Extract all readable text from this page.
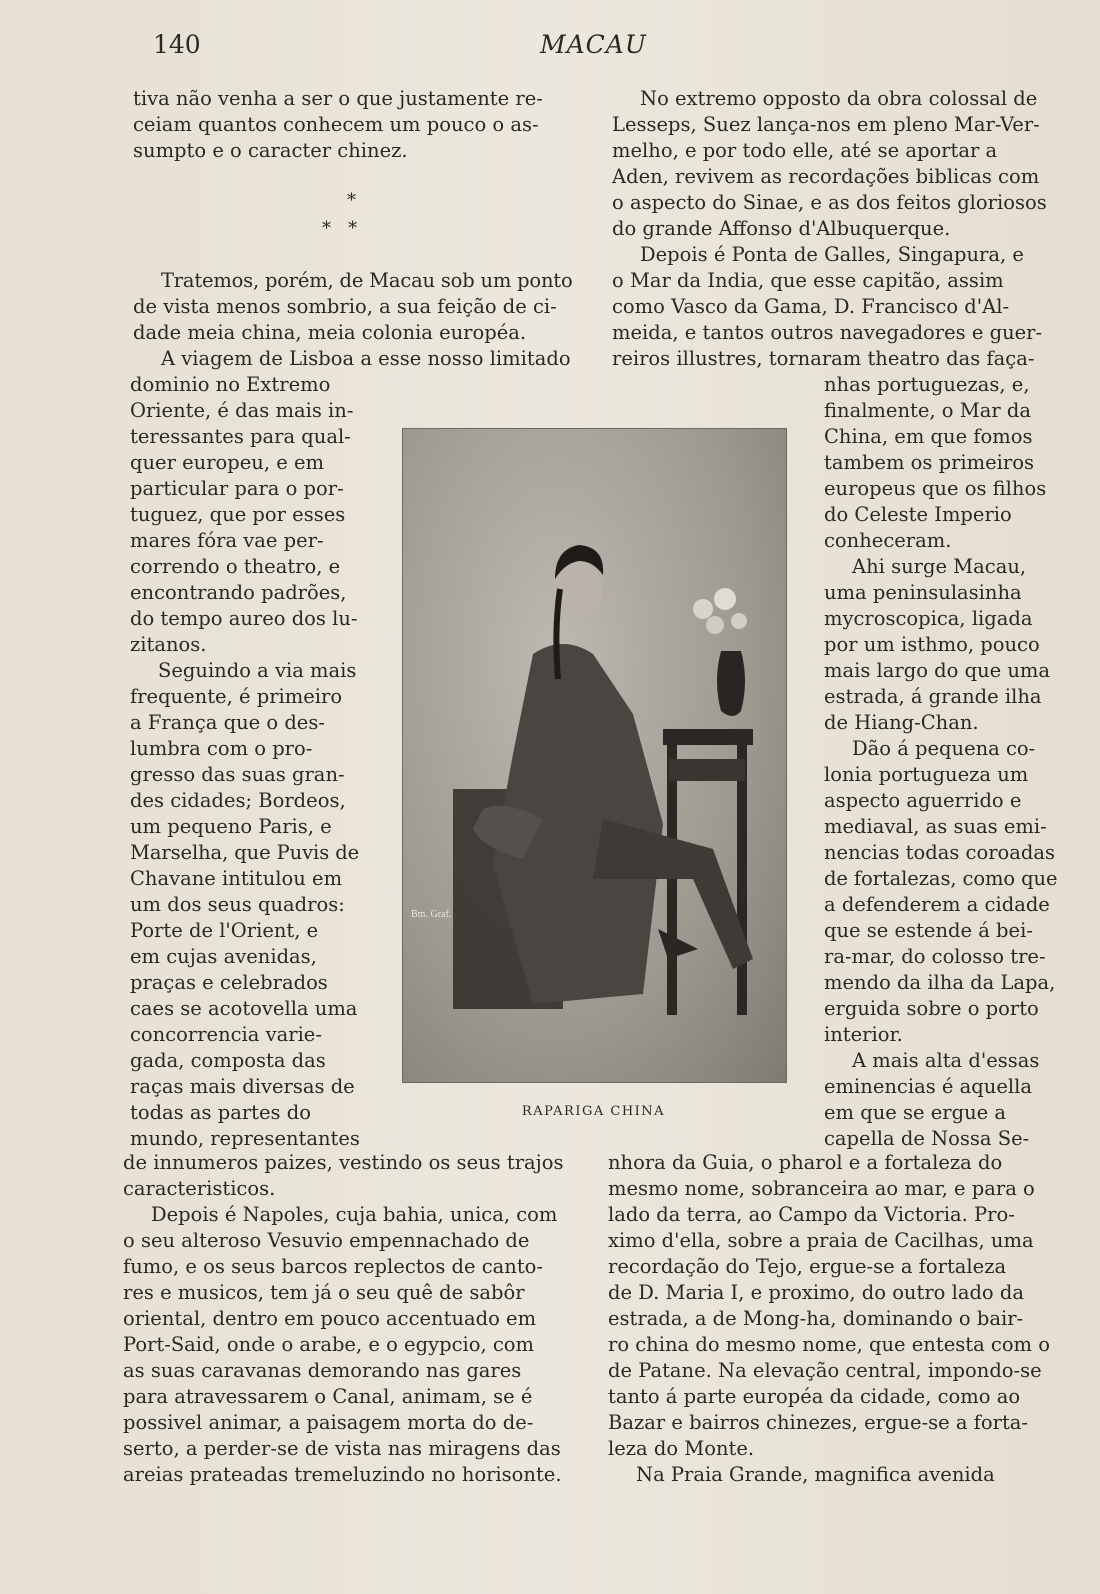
140	MACAU
tiva não venha a ser o que justamente re-
ceiam quantos conhecem um pouco o as-
sumpto e o caracter chinez.
*
*   *
Tratemos, porém, de Macau sob um ponto
de vista menos sombrio, a sua feição de ci-
dade meia china, meia colonia européa.
A viagem de Lisboa a esse nosso limitado
dominio no Extremo
Oriente, é das mais in-
teressantes para qual-
quer europeu, e em
particular para o por-
tuguez, que por esses
mares fóra vae per-
correndo o theatro, e
encontrando padrões,
do tempo aureo dos lu-
zitanos.
Seguindo a via mais
frequente, é primeiro
a França que o des-
lumbra com o pro-
gresso das suas gran-
des cidades; Bordeos,
um pequeno Paris, e
Marselha, que Puvis de
Chavane intitulou em
um dos seus quadros:
Porte de l'Orient, e
em cujas avenidas,
praças e celebrados
caes se acotovella uma
concorrencia varie-
gada, composta das
raças mais diversas de
todas as partes do
mundo, representantes
de innumeros paizes, vestindo os seus trajos
caracteristicos.
Depois é Napoles, cuja bahia, unica, com
o seu alteroso Vesuvio empennachado de
fumo, e os seus barcos replectos de canto-
res e musicos, tem já o seu quê de sabôr
oriental, dentro em pouco accentuado em
Port-Said, onde o arabe, e o egypcio, com
as suas caravanas demorando nas gares
para atravessarem o Canal, animam, se é
possivel animar, a paisagem morta do de-
serto, a perder-se de vista nas miragens das
areias prateadas tremeluzindo no horisonte.
No extremo opposto da obra colossal de
Lesseps, Suez lança-nos em pleno Mar-Ver-
melho, e por todo elle, até se aportar a
Aden, revivem as recordações biblicas com
o aspecto do Sinae, e as dos feitos gloriosos
do grande Affonso d'Albuquerque.
Depois é Ponta de Galles, Singapura, e
o Mar da India, que esse capitão, assim
como Vasco da Gama, D. Francisco d'Al-
meida, e tantos outros navegadores e guer-
reiros illustres, tornaram theatro das faça-
nhas portuguezas, e,
finalmente, o Mar da
China, em que fomos
tambem os primeiros
europeus que os filhos
do Celeste Imperio
conheceram.
Ahi surge Macau,
uma peninsulasinha
mycroscopica, ligada
por um isthmo, pouco
mais largo do que uma
estrada, á grande ilha
de Hiang-Chan.
Dão á pequena co-
lonia portugueza um
aspecto aguerrido e
mediaval, as suas emi-
nencias todas coroadas
de fortalezas, como que
a defenderem a cidade
que se estende á bei-
ra-mar, do colosso tre-
mendo da ilha da Lapa,
erguida sobre o porto
interior.
A mais alta d'essas
eminencias é aquella
em que se ergue a
capella de Nossa Se-
nhora da Guia, o pharol e a fortaleza do
mesmo nome, sobranceira ao mar, e para o
lado da terra, ao Campo da Victoria. Pro-
ximo d'ella, sobre a praia de Cacilhas, uma
recordação do Tejo, ergue-se a fortaleza
de D. Maria I, e proximo, do outro lado da
estrada, a de Mong-ha, dominando o bair-
ro china do mesmo nome, que entesta com o
de Patane. Na elevação central, impondo-se
tanto á parte européa da cidade, como ao
Bazar e bairros chinezes, ergue-se a forta-
leza do Monte.
Na Praia Grande, magnifica avenida
Bm. Graf.
RAPARIGA CHINA
